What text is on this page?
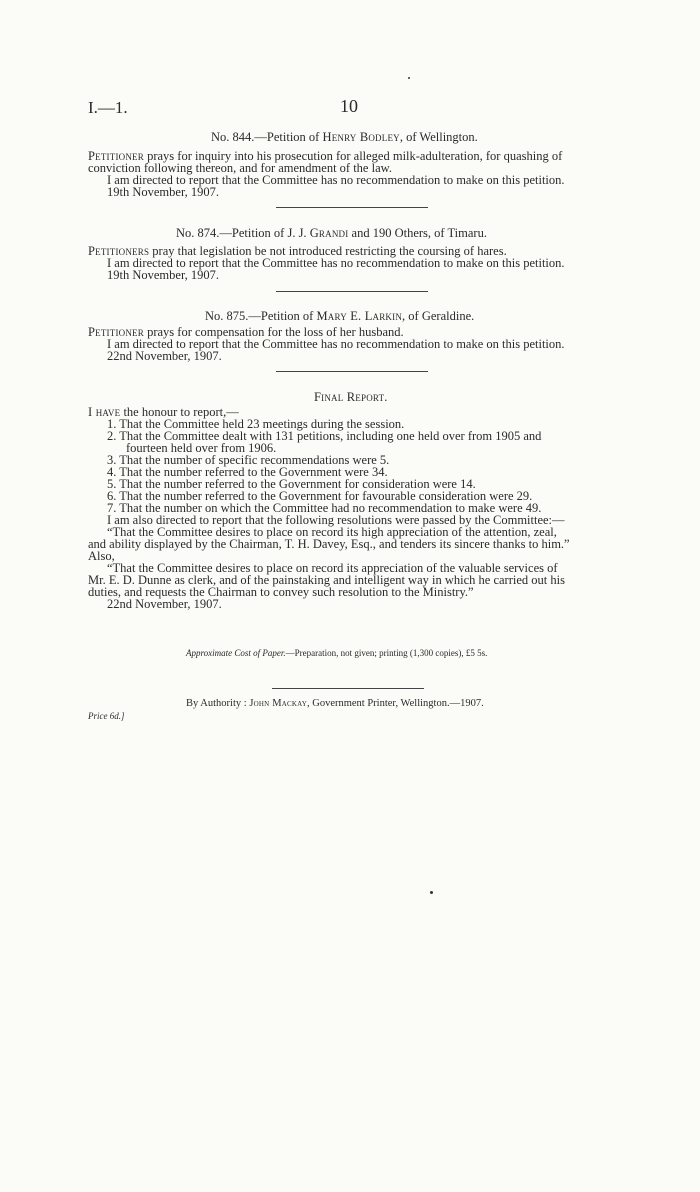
I.—1.	10
No. 844.—Petition of Henry Bodley, of Wellington.
Petitioner prays for inquiry into his prosecution for alleged milk-adulteration, for quashing of
conviction following thereon, and for amendment of the law.
I am directed to report that the Committee has no recommendation to make on this petition.
19th November, 1907.
No. 874.—Petition of J. J. Grandi and 190 Others, of Timaru.
Petitioners pray that legislation be not introduced restricting the coursing of hares.
I am directed to report that the Committee has no recommendation to make on this petition.
19th November, 1907.
No. 875.—Petition of Mary E. Larkin, of Geraldine.
Petitioner prays for compensation for the loss of her husband.
I am directed to report that the Committee has no recommendation to make on this petition.
22nd November, 1907.
Final Report.
I have the honour to report,—
1. That the Committee held 23 meetings during the session.
2. That the Committee dealt with 131 petitions, including one held over from 1905 and
fourteen held over from 1906.
3. That the number of specific recommendations were 5.
4. That the number referred to the Government were 34.
5. That the number referred to the Government for consideration were 14.
6. That the number referred to the Government for favourable consideration were 29.
7. That the number on which the Committee had no recommendation to make were 49.
I am also directed to report that the following resolutions were passed by the Committee:—
“That the Committee desires to place on record its high appreciation of the attention, zeal,
and ability displayed by the Chairman, T. H. Davey, Esq., and tenders its sincere thanks to him.”
Also,
“That the Committee desires to place on record its appreciation of the valuable services of
Mr. E. D. Dunne as clerk, and of the painstaking and intelligent way in which he carried out his
duties, and requests the Chairman to convey such resolution to the Ministry.”
22nd November, 1907.
Approximate Cost of Paper.—Preparation, not given; printing (1,300 copies), £5 5s.
By Authority : John Mackay, Government Printer, Wellington.—1907.
Price 6d.]
